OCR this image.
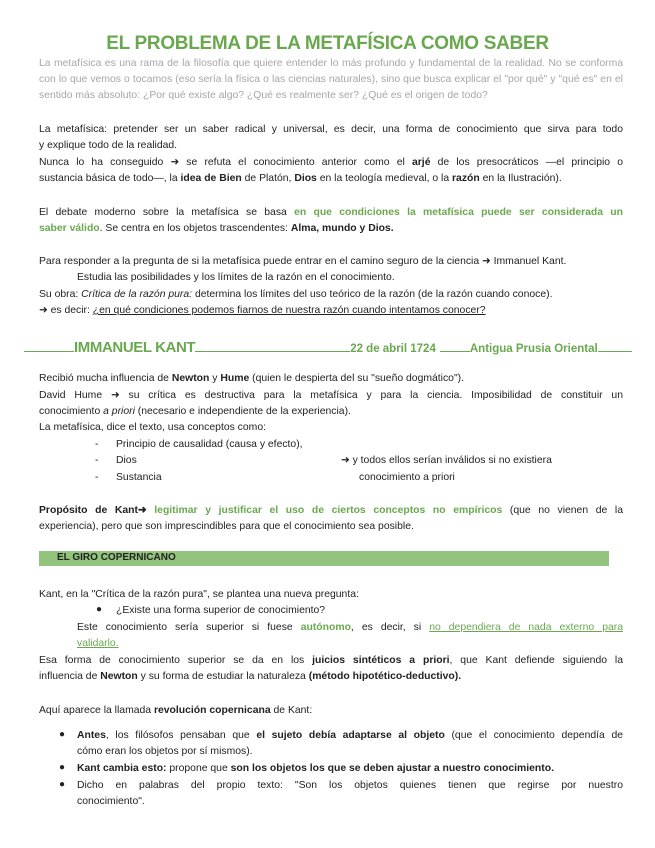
EL PROBLEMA DE LA METAFÍSICA COMO SABER
La metafísica es una rama de la filosofía que quiere entender lo más profundo y fundamental de la realidad. No se conforma
con lo que vemos o tocamos (eso sería la física o las ciencias naturales), sino que busca explicar el "por qué" y "qué es" en el
sentido más absoluto: ¿Por qué existe algo? ¿Qué es realmente ser? ¿Qué es el origen de todo?
La metafísica: pretender ser un saber radical y universal, es decir, una forma de conocimiento que sirva para todo
y explique todo de la realidad.
Nunca lo ha conseguido ➜ se refuta el conocimiento anterior como el arjé de los presocráticos —el principio o
sustancia básica de todo—, la idea de Bien de Platón, Dios en la teología medieval, o la razón en la Ilustración).
El debate moderno sobre la metafísica se basa en que condiciones la metafísica puede ser considerada un
saber válido. Se centra en los objetos trascendentes: Alma, mundo y Dios.
Para responder a la pregunta de si la metafísica puede entrar en el camino seguro de la ciencia ➜ Immanuel Kant.
Estudia las posibilidades y los límites de la razón en el conocimiento.
Su obra: Crítica de la razón pura: determina los límites del uso teórico de la razón (de la razón cuando conoce).
➜ es decir: ¿en qué condiciones podemos fiarnos de nuestra razón cuando intentamos conocer?
IMMANUEL KANT	22 de abril 1724	Antigua Prusia Oriental
Recibió mucha influencia de Newton y Hume (quien le despierta del su "sueño dogmático").
David Hume ➜ su crítica es destructiva para la metafísica y para la ciencia. Imposibilidad de constituir un
conocimiento a priori (necesario e independiente de la experiencia).
La metafísica, dice el texto, usa conceptos como:
- Principio de causalidad (causa y efecto),
- Dios
- Sustancia
➜ y todos ellos serían inválidos si no existiera
conocimiento a priori
Propósito de Kant➜ legitimar y justificar el uso de ciertos conceptos no empíricos (que no vienen de la
experiencia), pero que son imprescindibles para que el conocimiento sea posible.
EL GIRO COPERNICANO
Kant, en la "Crítica de la razón pura", se plantea una nueva pregunta:
● ¿Existe una forma superior de conocimiento?
Este conocimiento sería superior si fuese autónomo, es decir, si no dependiera de nada externo para
validarlo.
Esa forma de conocimiento superior se da en los juicios sintéticos a priori, que Kant defiende siguiendo la
influencia de Newton y su forma de estudiar la naturaleza (método hipotético-deductivo).
Aquí aparece la llamada revolución copernicana de Kant:
● Antes, los filósofos pensaban que el sujeto debía adaptarse al objeto (que el conocimiento dependía de
cómo eran los objetos por sí mismos).
● Kant cambia esto: propone que son los objetos los que se deben ajustar a nuestro conocimiento.
● Dicho en palabras del propio texto: "Son los objetos quienes tienen que regirse por nuestro
conocimiento".
